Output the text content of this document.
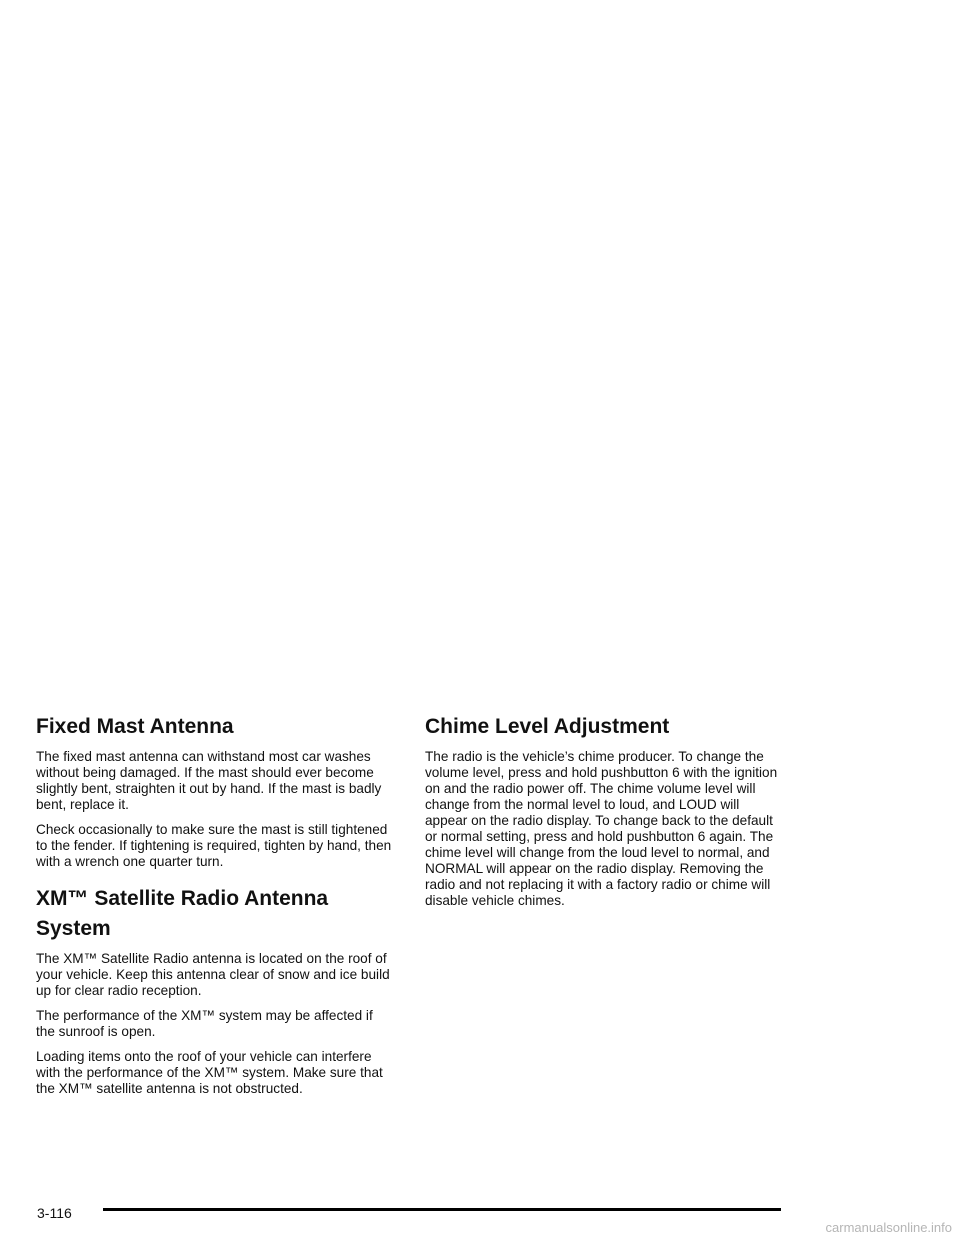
Fixed Mast Antenna

The fixed mast antenna can withstand most car washes without being damaged. If the mast should ever become slightly bent, straighten it out by hand. If the mast is badly bent, replace it.

Check occasionally to make sure the mast is still tightened to the fender. If tightening is required, tighten by hand, then with a wrench one quarter turn.

XM™ Satellite Radio Antenna System

The XM™ Satellite Radio antenna is located on the roof of your vehicle. Keep this antenna clear of snow and ice build up for clear radio reception.

The performance of the XM™ system may be affected if the sunroof is open.

Loading items onto the roof of your vehicle can interfere with the performance of the XM™ system. Make sure that the XM™ satellite antenna is not obstructed.

Chime Level Adjustment

The radio is the vehicle’s chime producer. To change the volume level, press and hold pushbutton 6 with the ignition on and the radio power off. The chime volume level will change from the normal level to loud, and LOUD will appear on the radio display. To change back to the default or normal setting, press and hold pushbutton 6 again. The chime level will change from the loud level to normal, and NORMAL will appear on the radio display. Removing the radio and not replacing it with a factory radio or chime will disable vehicle chimes.

3-116
carmanualsonline.info
